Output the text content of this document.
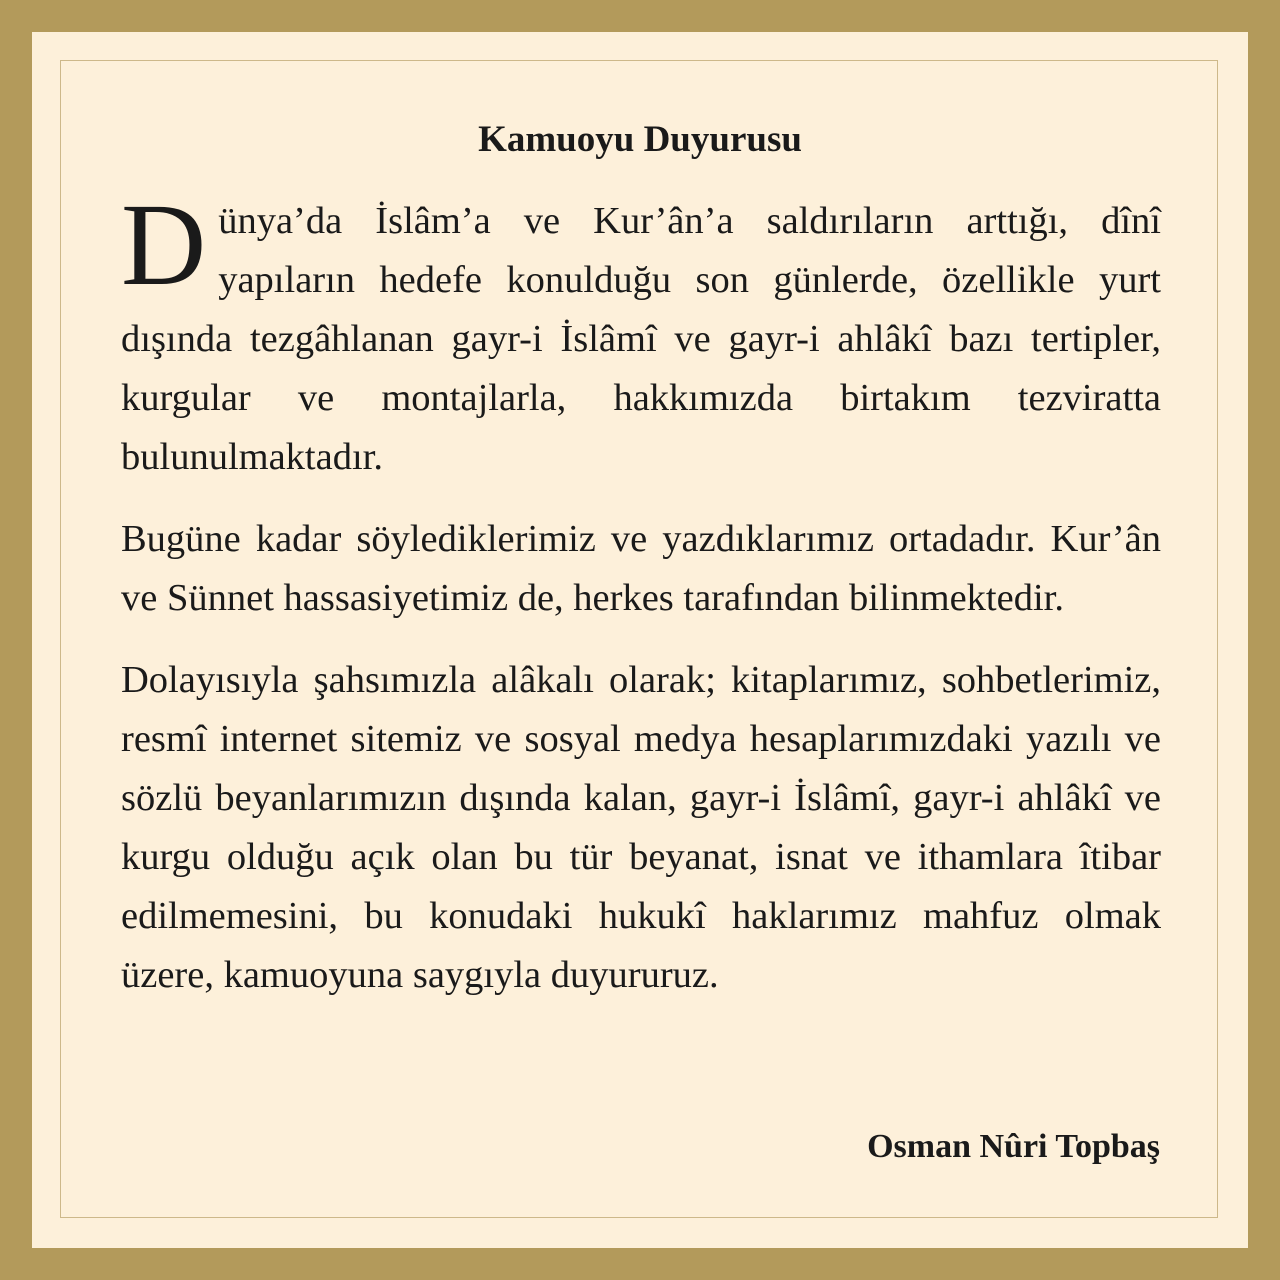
Kamuoyu Duyurusu

Dünya’da İslâm’a ve Kur’ân’a saldırıların arttığı, dînî yapıların hedefe konulduğu son günlerde, özellikle yurt dışında tezgâhlanan gayr-i İslâmî ve gayr-i ahlâkî bazı tertipler, kurgular ve montajlarla, hakkımızda birtakım tezviratta bulunulmaktadır.

Bugüne kadar söylediklerimiz ve yazdıklarımız ortadadır. Kur’ân ve Sünnet hassasiyetimiz de, herkes tarafından bilinmektedir.

Dolayısıyla şahsımızla alâkalı olarak; kitaplarımız, sohbetlerimiz, resmî internet sitemiz ve sosyal medya hesaplarımızdaki yazılı ve sözlü beyanlarımızın dışında kalan, gayr-i İslâmî, gayr-i ahlâkî ve kurgu olduğu açık olan bu tür beyanat, isnat ve ithamlara îtibar edilmemesini, bu konudaki hukukî haklarımız mahfuz olmak üzere, kamuoyuna saygıyla duyururuz.

Osman Nûri Topbaş
